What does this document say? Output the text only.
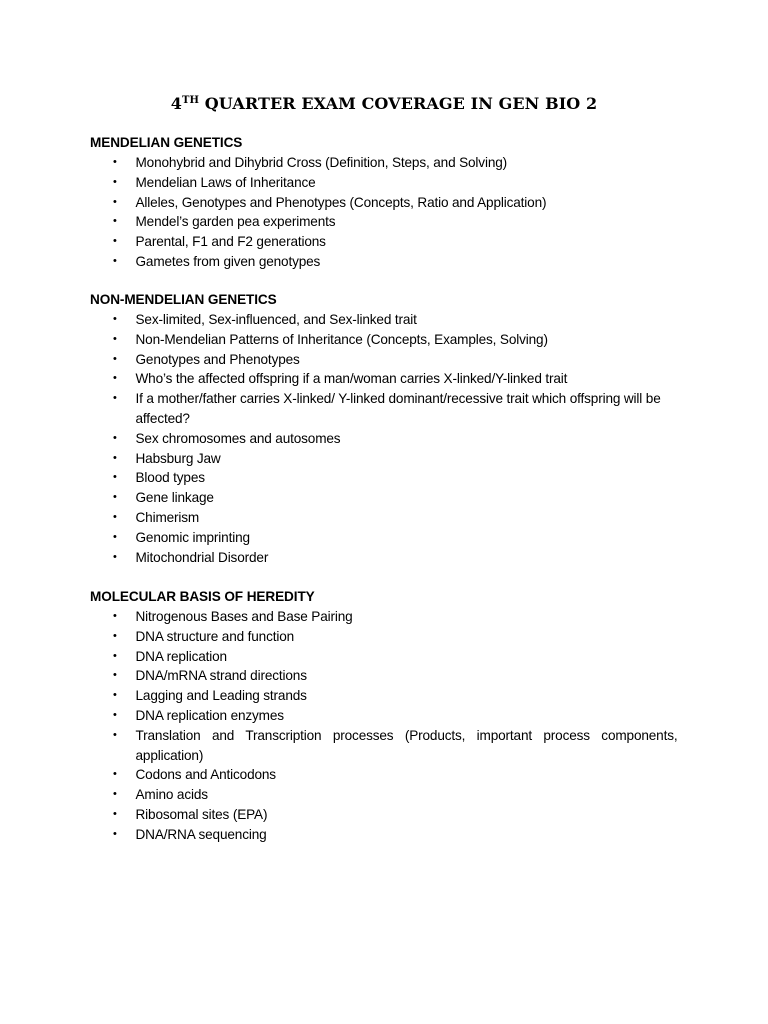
4TH QUARTER EXAM COVERAGE IN GEN BIO 2
MENDELIAN GENETICS
• Monohybrid and Dihybrid Cross (Definition, Steps, and Solving)
• Mendelian Laws of Inheritance
• Alleles, Genotypes and Phenotypes (Concepts, Ratio and Application)
• Mendel’s garden pea experiments
• Parental, F1 and F2 generations
• Gametes from given genotypes
NON-MENDELIAN GENETICS
• Sex-limited, Sex-influenced, and Sex-linked trait
• Non-Mendelian Patterns of Inheritance (Concepts, Examples, Solving)
• Genotypes and Phenotypes
• Who’s the affected offspring if a man/woman carries X-linked/Y-linked trait
• If a mother/father carries X-linked/ Y-linked dominant/recessive trait which offspring will be affected?
• Sex chromosomes and autosomes
• Habsburg Jaw
• Blood types
• Gene linkage
• Chimerism
• Genomic imprinting
• Mitochondrial Disorder
MOLECULAR BASIS OF HEREDITY
• Nitrogenous Bases and Base Pairing
• DNA structure and function
• DNA replication
• DNA/mRNA strand directions
• Lagging and Leading strands
• DNA replication enzymes
• Translation and Transcription processes (Products, important process components, application)
• Codons and Anticodons
• Amino acids
• Ribosomal sites (EPA)
• DNA/RNA sequencing
